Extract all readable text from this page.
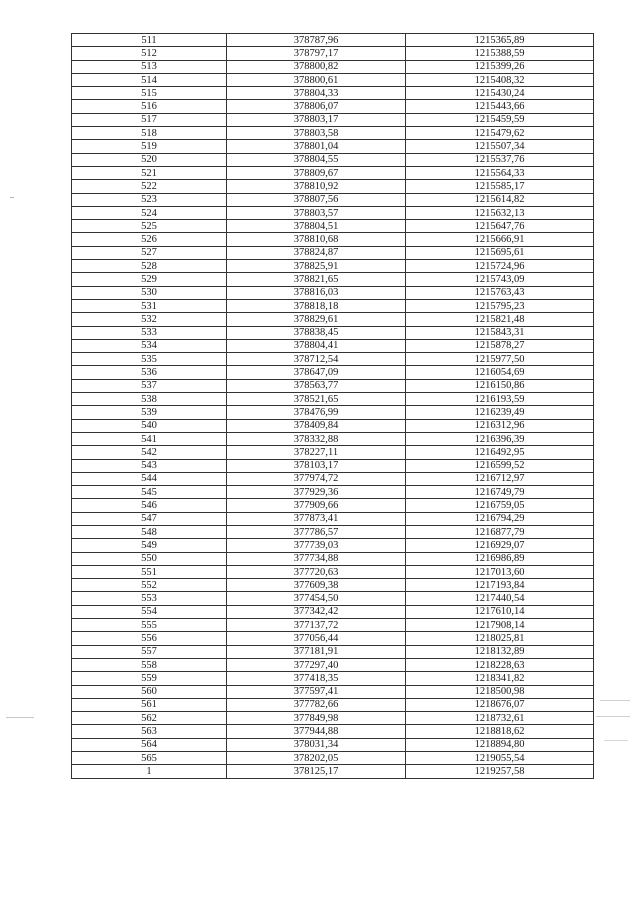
511	378787,96	1215365,89
512	378797,17	1215388,59
513	378800,82	1215399,26
514	378800,61	1215408,32
515	378804,33	1215430,24
516	378806,07	1215443,66
517	378803,17	1215459,59
518	378803,58	1215479,62
519	378801,04	1215507,34
520	378804,55	1215537,76
521	378809,67	1215564,33
522	378810,92	1215585,17
523	378807,56	1215614,82
524	378803,57	1215632,13
525	378804,51	1215647,76
526	378810,68	1215666,91
527	378824,87	1215695,61
528	378825,91	1215724,96
529	378821,65	1215743,09
530	378816,03	1215763,43
531	378818,18	1215795,23
532	378829,61	1215821,48
533	378838,45	1215843,31
534	378804,41	1215878,27
535	378712,54	1215977,50
536	378647,09	1216054,69
537	378563,77	1216150,86
538	378521,65	1216193,59
539	378476,99	1216239,49
540	378409,84	1216312,96
541	378332,88	1216396,39
542	378227,11	1216492,95
543	378103,17	1216599,52
544	377974,72	1216712,97
545	377929,36	1216749,79
546	377909,66	1216759,05
547	377873,41	1216794,29
548	377786,57	1216877,79
549	377739,03	1216929,07
550	377734,88	1216986,89
551	377720,63	1217013,60
552	377609,38	1217193,84
553	377454,50	1217440,54
554	377342,42	1217610,14
555	377137,72	1217908,14
556	377056,44	1218025,81
557	377181,91	1218132,89
558	377297,40	1218228,63
559	377418,35	1218341,82
560	377597,41	1218500,98
561	377782,66	1218676,07
562	377849,98	1218732,61
563	377944,88	1218818,62
564	378031,34	1218894,80
565	378202,05	1219055,54
1	378125,17	1219257,58
